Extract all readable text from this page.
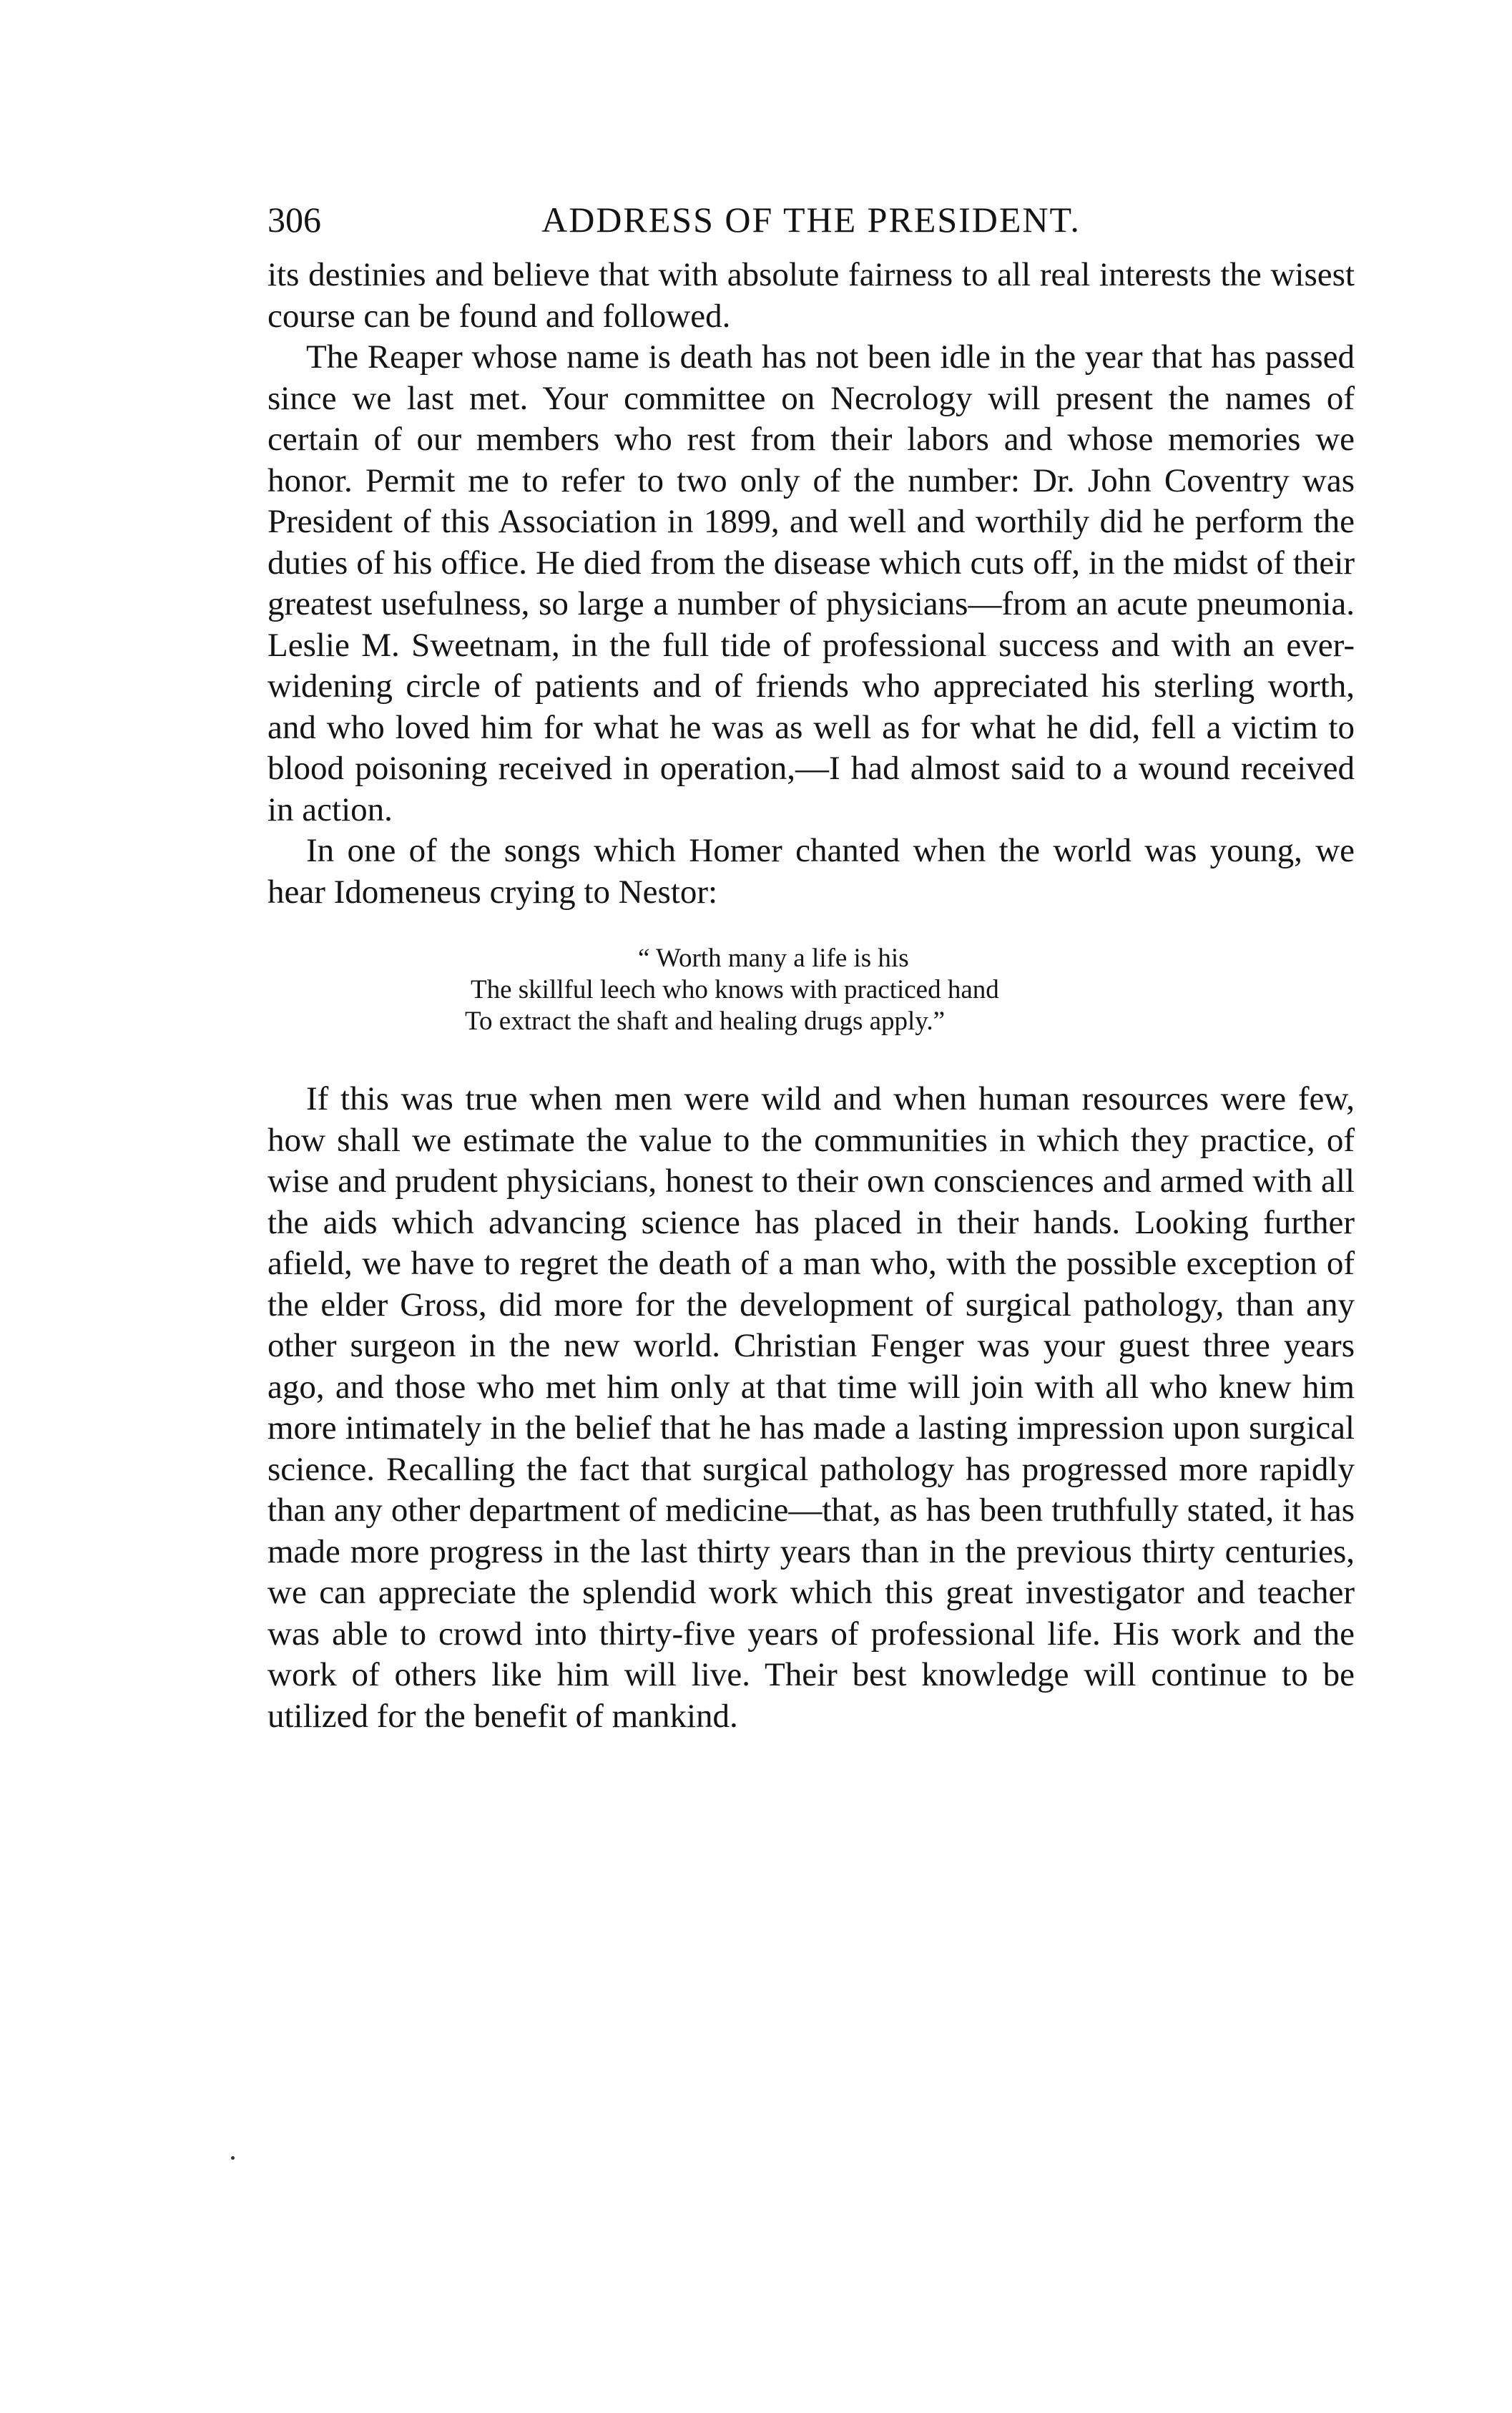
306	ADDRESS OF THE PRESIDENT.

its destinies and believe that with absolute fairness to all real interests the wisest course can be found and followed.

The Reaper whose name is death has not been idle in the year that has passed since we last met. Your committee on Necrology will present the names of certain of our members who rest from their labors and whose memories we honor. Permit me to refer to two only of the number: Dr. John Coventry was President of this Association in 1899, and well and worthily did he perform the duties of his office. He died from the disease which cuts off, in the midst of their greatest usefulness, so large a number of physicians—from an acute pneumonia. Leslie M. Sweetnam, in the full tide of professional success and with an ever-widening circle of patients and of friends who appreciated his sterling worth, and who loved him for what he was as well as for what he did, fell a victim to blood poisoning received in operation,—I had almost said to a wound received in action.

In one of the songs which Homer chanted when the world was young, we hear Idomeneus crying to Nestor:

“ Worth many a life is his
The skillful leech who knows with practiced hand
To extract the shaft and healing drugs apply.”

If this was true when men were wild and when human resources were few, how shall we estimate the value to the communities in which they practice, of wise and prudent physicians, honest to their own consciences and armed with all the aids which advancing science has placed in their hands. Looking further afield, we have to regret the death of a man who, with the possible exception of the elder Gross, did more for the development of surgical pathology, than any other surgeon in the new world. Christian Fenger was your guest three years ago, and those who met him only at that time will join with all who knew him more intimately in the belief that he has made a lasting impression upon surgical science. Recalling the fact that surgical pathology has progressed more rapidly than any other department of medicine—that, as has been truthfully stated, it has made more progress in the last thirty years than in the previous thirty centuries, we can appreciate the splendid work which this great investigator and teacher was able to crowd into thirty-five years of professional life. His work and the work of others like him will live. Their best knowledge will continue to be utilized for the benefit of mankind.
